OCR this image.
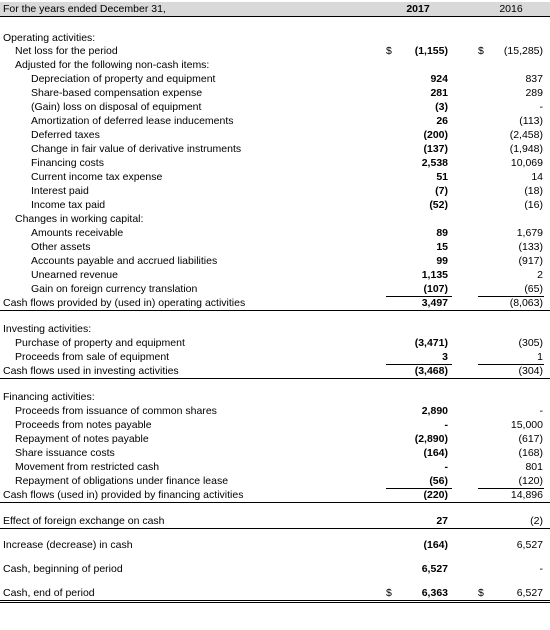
For the years ended December 31,	2017	2016
Operating activities:
Net loss for the period	$ (1,155)	$ (15,285)
Adjusted for the following non-cash items:
Depreciation of property and equipment	924	837
Share-based compensation expense	281	289
(Gain) loss on disposal of equipment	(3)	-
Amortization of deferred lease inducements	26	(113)
Deferred taxes	(200)	(2,458)
Change in fair value of derivative instruments	(137)	(1,948)
Financing costs	2,538	10,069
Current income tax expense	51	14
Interest paid	(7)	(18)
Income tax paid	(52)	(16)
Changes in working capital:
Amounts receivable	89	1,679
Other assets	15	(133)
Accounts payable and accrued liabilities	99	(917)
Unearned revenue	1,135	2
Gain on foreign currency translation	(107)	(65)
Cash flows provided by (used in) operating activities	3,497	(8,063)
Investing activities:
Purchase of property and equipment	(3,471)	(305)
Proceeds from sale of equipment	3	1
Cash flows used in investing activities	(3,468)	(304)
Financing activities:
Proceeds from issuance of common shares	2,890	-
Proceeds from notes payable	-	15,000
Repayment of notes payable	(2,890)	(617)
Share issuance costs	(164)	(168)
Movement from restricted cash	-	801
Repayment of obligations under finance lease	(56)	(120)
Cash flows (used in) provided by financing activities	(220)	14,896
Effect of foreign exchange on cash	27	(2)
Increase (decrease) in cash	(164)	6,527
Cash, beginning of period	6,527	-
Cash, end of period	$	6,363	$	6,527
